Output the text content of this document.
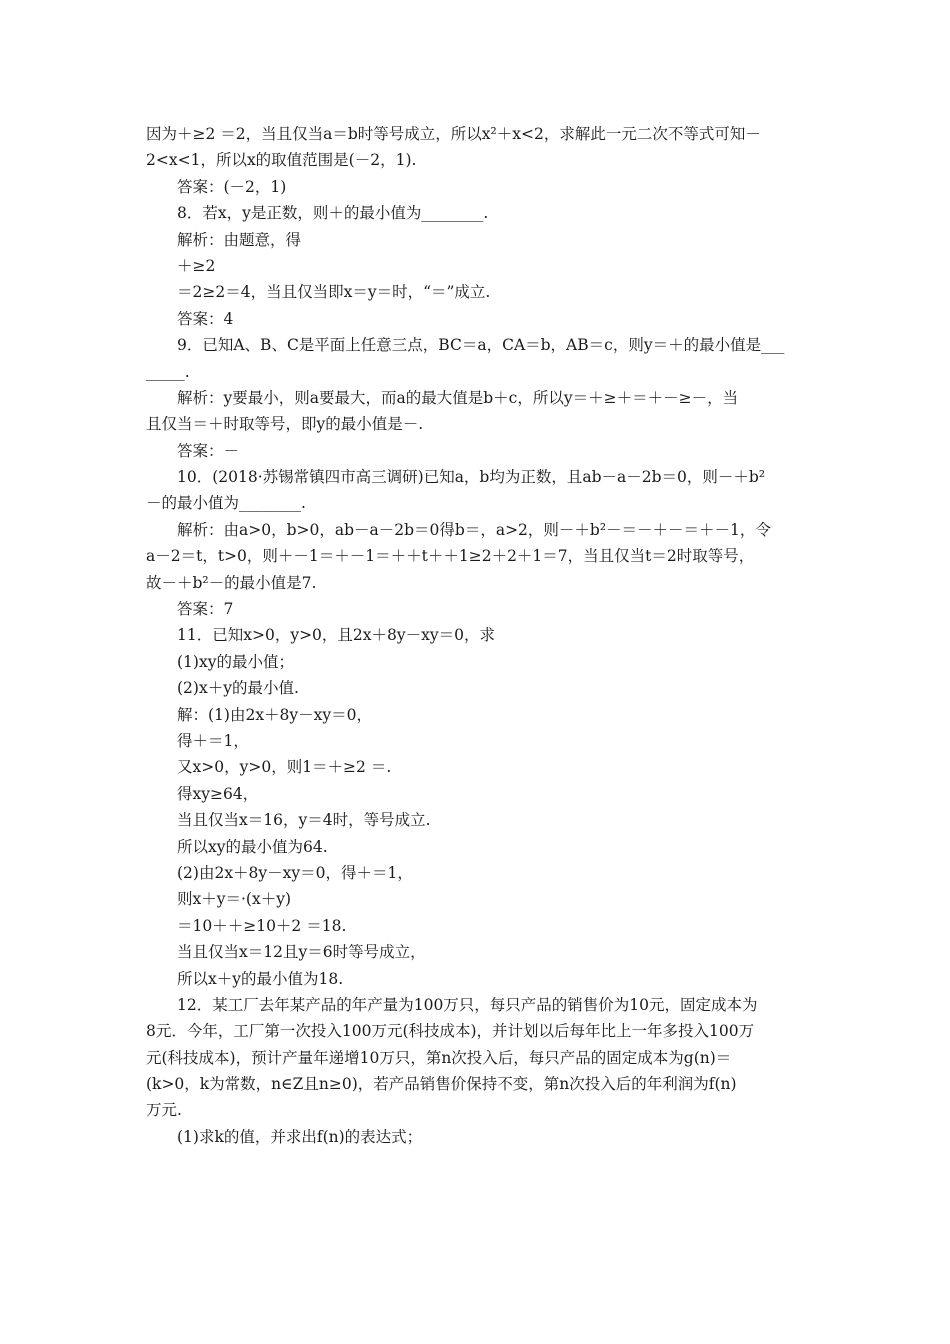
因为＋≥2 ＝2，当且仅当a＝b时等号成立，所以x²＋x<2，求解此一元二次不等式可知－
2<x<1，所以x的取值范围是(－2，1).
答案：(－2，1)
8．若x，y是正数，则＋的最小值为________.
解析：由题意，得
＋≥2
＝2≥2＝4，当且仅当即x＝y＝时，“＝”成立.
答案：4
9．已知A、B、C是平面上任意三点，BC＝a，CA＝b，AB＝c，则y＝＋的最小值是___
_____.
解析：y要最小，则a要最大，而a的最大值是b＋c，所以y＝＋≥＋＝＋－≥－，当
且仅当＝＋时取等号，即y的最小值是－.
答案：－
10．(2018·苏锡常镇四市高三调研)已知a，b均为正数，且ab－a－2b＝0，则－＋b²
－的最小值为________.
解析：由a>0，b>0，ab－a－2b＝0得b＝，a>2，则－＋b²－＝－＋－＝＋－1，令
a－2＝t，t>0，则＋－1＝＋－1＝＋＋t＋＋1≥2＋2＋1＝7，当且仅当t＝2时取等号，
故－＋b²－的最小值是7.
答案：7
11．已知x>0，y>0，且2x＋8y－xy＝0，求
(1)xy的最小值；
(2)x＋y的最小值.
解：(1)由2x＋8y－xy＝0，
得＋＝1，
又x>0，y>0，则1＝＋≥2 ＝.
得xy≥64，
当且仅当x＝16，y＝4时，等号成立.
所以xy的最小值为64.
(2)由2x＋8y－xy＝0，得＋＝1，
则x＋y＝·(x＋y)
＝10＋＋≥10＋2 ＝18.
当且仅当x＝12且y＝6时等号成立，
所以x＋y的最小值为18.
12．某工厂去年某产品的年产量为100万只，每只产品的销售价为10元，固定成本为
8元．今年，工厂第一次投入100万元(科技成本)，并计划以后每年比上一年多投入100万
元(科技成本)，预计产量年递增10万只，第n次投入后，每只产品的固定成本为g(n)＝
(k>0，k为常数，n∈Z且n≥0)，若产品销售价保持不变，第n次投入后的年利润为f(n)
万元.
(1)求k的值，并求出f(n)的表达式；
